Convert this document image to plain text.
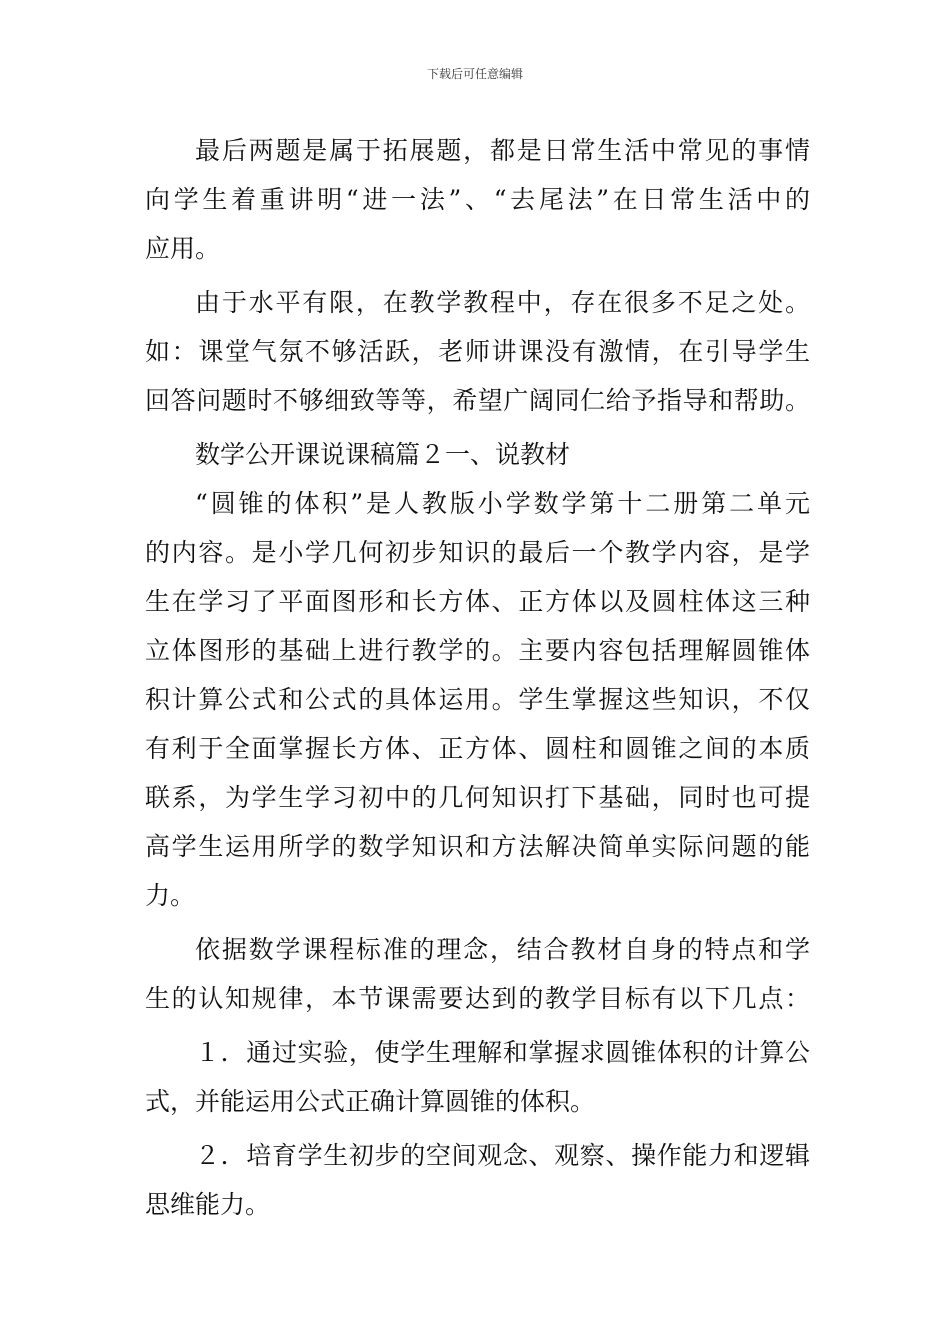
下载后可任意编辑
最后两题是属于拓展题，都是日常生活中常见的事情
向学生着重讲明“进一法”、“去尾法”在日常生活中的
应用。
由于水平有限，在教学教程中，存在很多不足之处。
如：课堂气氛不够活跃，老师讲课没有激情，在引导学生
回答问题时不够细致等等，希望广阔同仁给予指导和帮助。
数学公开课说课稿篇２一、说教材
“圆锥的体积”是人教版小学数学第十二册第二单元
的内容。是小学几何初步知识的最后一个教学内容，是学
生在学习了平面图形和长方体、正方体以及圆柱体这三种
立体图形的基础上进行教学的。主要内容包括理解圆锥体
积计算公式和公式的具体运用。学生掌握这些知识，不仅
有利于全面掌握长方体、正方体、圆柱和圆锥之间的本质
联系，为学生学习初中的几何知识打下基础，同时也可提
高学生运用所学的数学知识和方法解决简单实际问题的能
力。
依据数学课程标准的理念，结合教材自身的特点和学
生的认知规律，本节课需要达到的教学目标有以下几点：
１．通过实验，使学生理解和掌握求圆锥体积的计算公
式，并能运用公式正确计算圆锥的体积。
２．培育学生初步的空间观念、观察、操作能力和逻辑
思维能力。
